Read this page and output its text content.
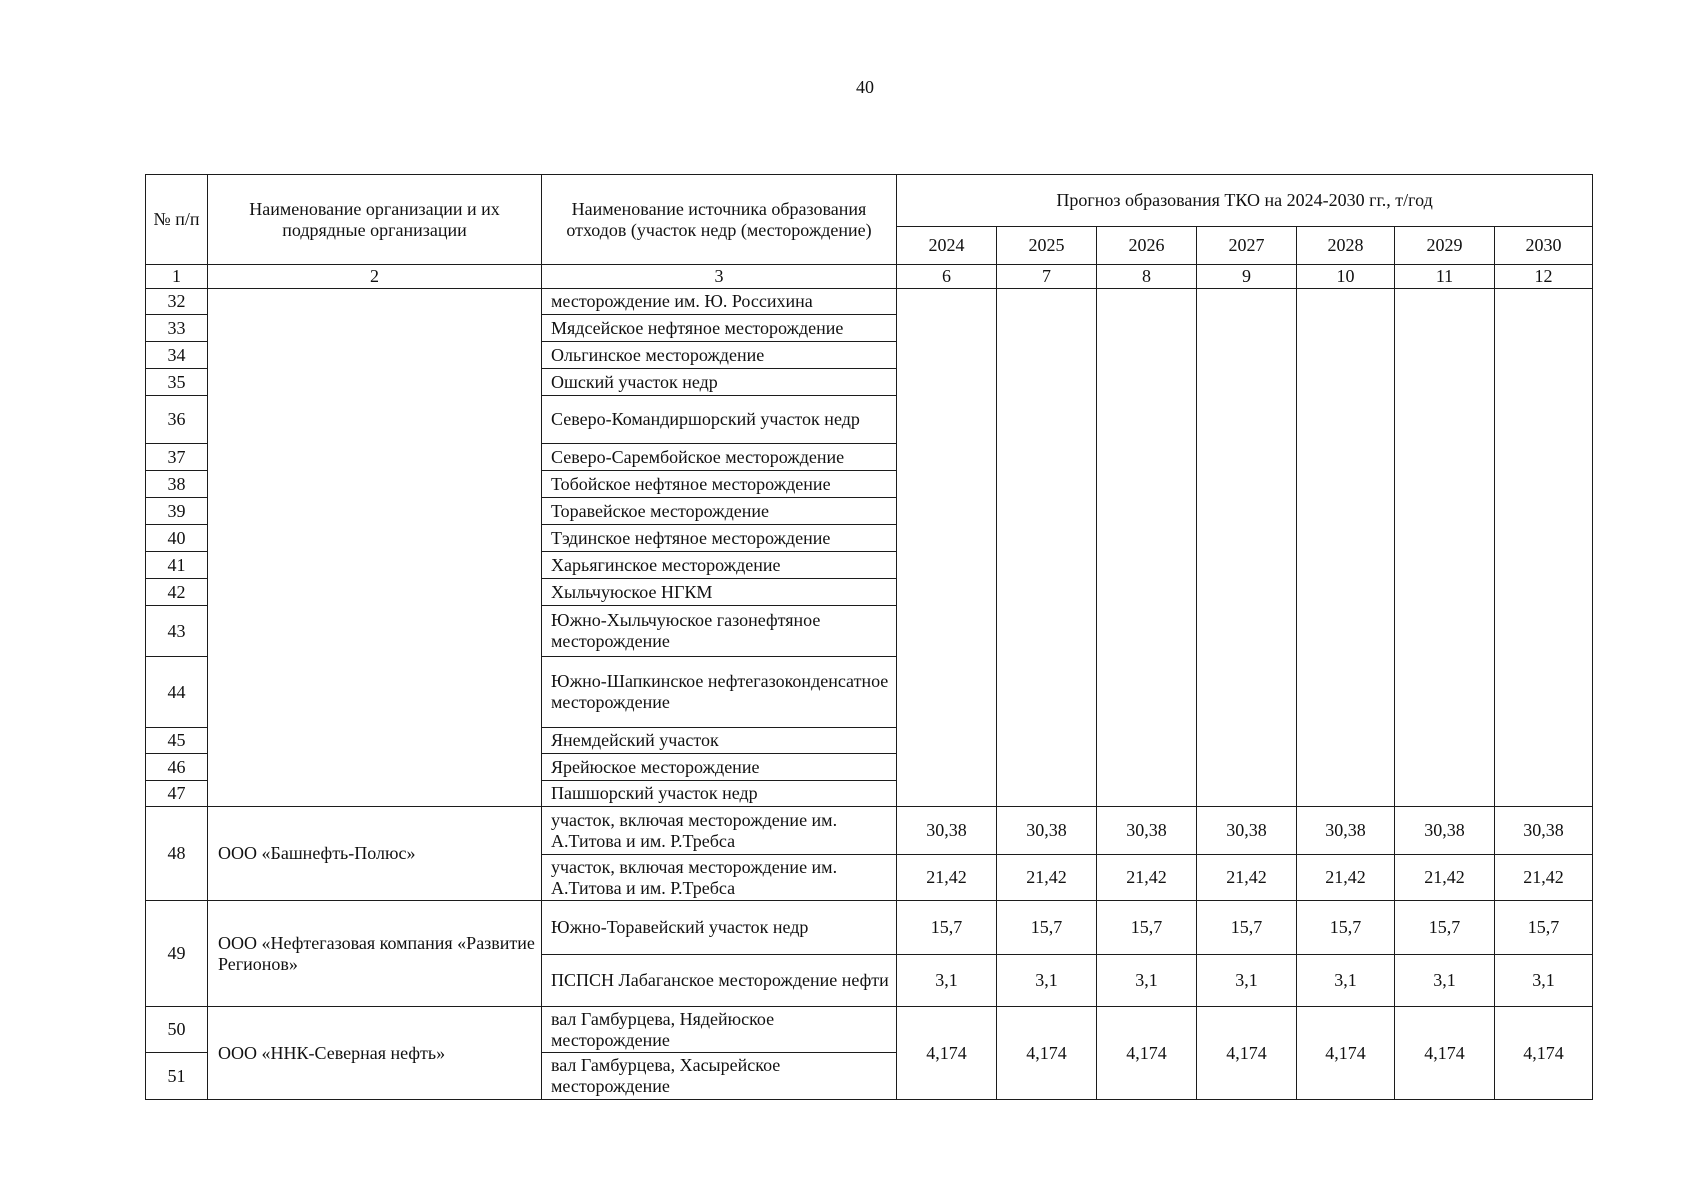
40
№ п/п	Наименование организации и их подрядные организации	Наименование источника образования отходов (участок недр (месторождение)	Прогноз образования ТКО на 2024-2030 гг., т/год						
			2024	2025	2026	2027	2028	2029	2030
1	2	3	6	7	8	9	10	11	12
32		месторождение им. Ю. Россихина							
33		Мядсейское нефтяное месторождение							
34		Ольгинское месторождение							
35		Ошский участок недр							
36		Северо-Командиршорский участок недр							
37		Северо-Сарембойское месторождение							
38		Тобойское нефтяное месторождение							
39		Торавейское месторождение							
40		Тэдинское нефтяное месторождение							
41		Харьягинское месторождение							
42		Хыльчуюское НГКМ							
43		Южно-Хыльчуюское газонефтяное месторождение							
44		Южно-Шапкинское нефтегазоконденсатное месторождение							
45		Янемдейский участок							
46		Ярейюское месторождение							
47		Пашшорский участок недр							
48	ООО «Башнефть-Полюс»	участок, включая месторождение им. А.Титова и им. Р.Требса	30,38	30,38	30,38	30,38	30,38	30,38	30,38
		участок, включая месторождение им. А.Титова и им. Р.Требса	21,42	21,42	21,42	21,42	21,42	21,42	21,42
49	ООО «Нефтегазовая компания «Развитие Регионов»	Южно-Торавейский участок недр	15,7	15,7	15,7	15,7	15,7	15,7	15,7
		ПСПСН Лабаганское месторождение нефти	3,1	3,1	3,1	3,1	3,1	3,1	3,1
50	ООО «ННК-Северная нефть»	вал Гамбурцева, Нядейюское месторождение	4,174	4,174	4,174	4,174	4,174	4,174	4,174
51		вал Гамбурцева, Хасырейское месторождение							
